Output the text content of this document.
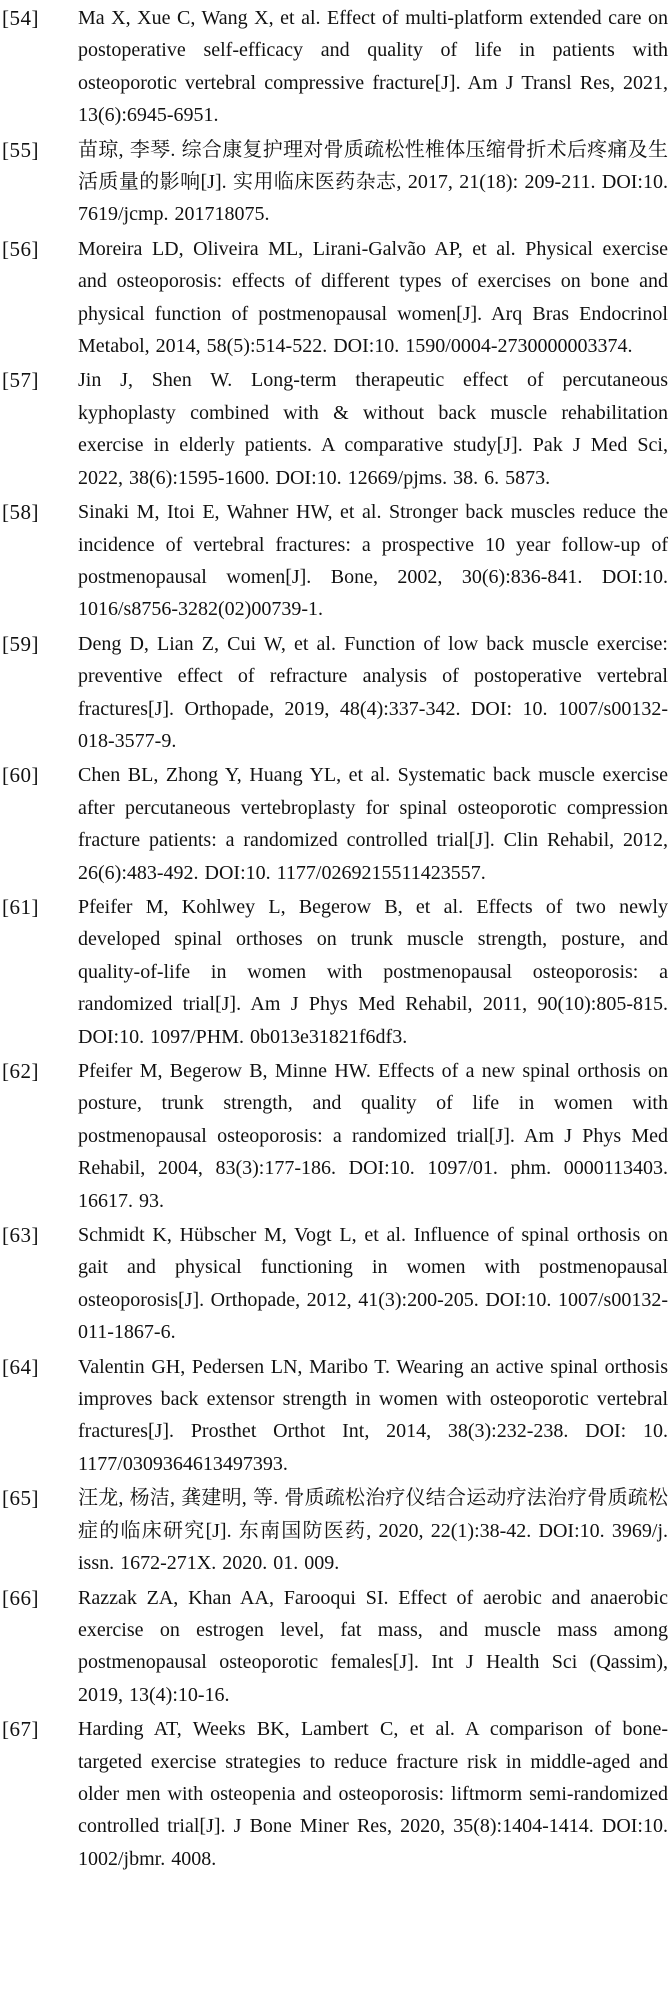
[54]	Ma X, Xue C, Wang X, et al. Effect of multi-platform extended care on postoperative self-efficacy and quality of life in patients with osteoporotic vertebral compressive fracture[J]. Am J Transl Res, 2021, 13(6):6945-6951.
[55]	苗琼, 李琴. 综合康复护理对骨质疏松性椎体压缩骨折术后疼痛及生活质量的影响[J]. 实用临床医药杂志, 2017, 21(18): 209-211. DOI:10. 7619/jcmp. 201718075.
[56]	Moreira LD, Oliveira ML, Lirani-Galvão AP, et al. Physical exercise and osteoporosis: effects of different types of exercises on bone and physical function of postmenopausal women[J]. Arq Bras Endocrinol Metabol, 2014, 58(5):514-522. DOI:10. 1590/0004-2730000003374.
[57]	Jin J, Shen W. Long-term therapeutic effect of percutaneous kyphoplasty combined with & without back muscle rehabilitation exercise in elderly patients. A comparative study[J]. Pak J Med Sci, 2022, 38(6):1595-1600. DOI:10. 12669/pjms. 38. 6. 5873.
[58]	Sinaki M, Itoi E, Wahner HW, et al. Stronger back muscles reduce the incidence of vertebral fractures: a prospective 10 year follow-up of postmenopausal women[J]. Bone, 2002, 30(6):836-841. DOI:10. 1016/s8756-3282(02)00739-1.
[59]	Deng D, Lian Z, Cui W, et al. Function of low back muscle exercise: preventive effect of refracture analysis of postoperative vertebral fractures[J]. Orthopade, 2019, 48(4):337-342. DOI: 10. 1007/s00132-018-3577-9.
[60]	Chen BL, Zhong Y, Huang YL, et al. Systematic back muscle exercise after percutaneous vertebroplasty for spinal osteoporotic compression fracture patients: a randomized controlled trial[J]. Clin Rehabil, 2012, 26(6):483-492. DOI:10. 1177/0269215511423557.
[61]	Pfeifer M, Kohlwey L, Begerow B, et al. Effects of two newly developed spinal orthoses on trunk muscle strength, posture, and quality-of-life in women with postmenopausal osteoporosis: a randomized trial[J]. Am J Phys Med Rehabil, 2011, 90(10):805-815. DOI:10. 1097/PHM. 0b013e31821f6df3.
[62]	Pfeifer M, Begerow B, Minne HW. Effects of a new spinal orthosis on posture, trunk strength, and quality of life in women with postmenopausal osteoporosis: a randomized trial[J]. Am J Phys Med Rehabil, 2004, 83(3):177-186. DOI:10. 1097/01. phm. 0000113403. 16617. 93.
[63]	Schmidt K, Hübscher M, Vogt L, et al. Influence of spinal orthosis on gait and physical functioning in women with postmenopausal osteoporosis[J]. Orthopade, 2012, 41(3):200-205. DOI:10. 1007/s00132-011-1867-6.
[64]	Valentin GH, Pedersen LN, Maribo T. Wearing an active spinal orthosis improves back extensor strength in women with osteoporotic vertebral fractures[J]. Prosthet Orthot Int, 2014, 38(3):232-238. DOI: 10. 1177/0309364613497393.
[65]	汪龙, 杨洁, 龚建明, 等. 骨质疏松治疗仪结合运动疗法治疗骨质疏松症的临床研究[J]. 东南国防医药, 2020, 22(1):38-42. DOI:10. 3969/j. issn. 1672-271X. 2020. 01. 009.
[66]	Razzak ZA, Khan AA, Farooqui SI. Effect of aerobic and anaerobic exercise on estrogen level, fat mass, and muscle mass among postmenopausal osteoporotic females[J]. Int J Health Sci (Qassim), 2019, 13(4):10-16.
[67]	Harding AT, Weeks BK, Lambert C, et al. A comparison of bone-targeted exercise strategies to reduce fracture risk in middle-aged and older men with osteopenia and osteoporosis: liftmorm semi-randomized controlled trial[J]. J Bone Miner Res, 2020, 35(8):1404-1414. DOI:10. 1002/jbmr. 4008.
